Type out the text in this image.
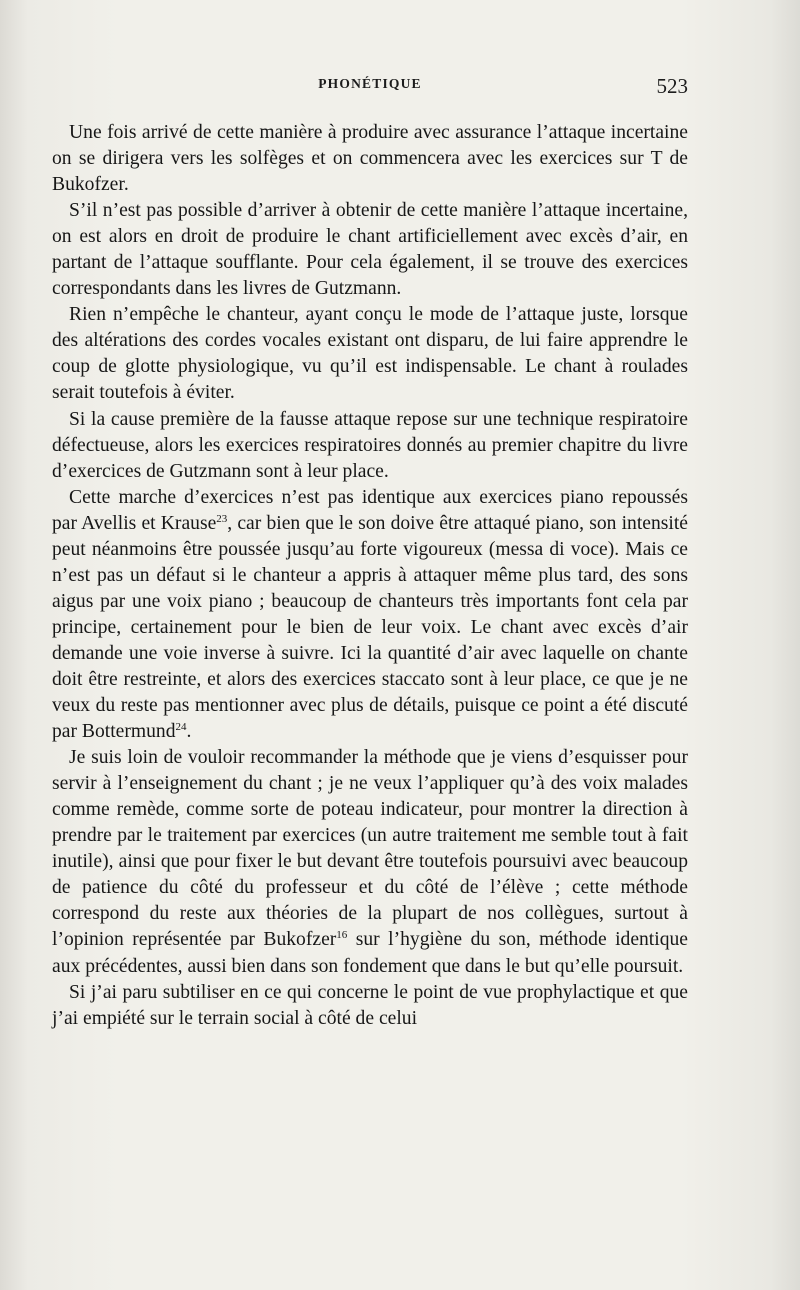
PHONÉTIQUE	523

Une fois arrivé de cette manière à produire avec assurance l’attaque incertaine on se dirigera vers les solfèges et on commencera avec les exercices sur T de Bukofzer.

S’il n’est pas possible d’arriver à obtenir de cette manière l’attaque incertaine, on est alors en droit de produire le chant artificiellement avec excès d’air, en partant de l’attaque soufflante. Pour cela également, il se trouve des exercices correspondants dans les livres de Gutzmann.

Rien n’empêche le chanteur, ayant conçu le mode de l’attaque juste, lorsque des altérations des cordes vocales existant ont disparu, de lui faire apprendre le coup de glotte physiologique, vu qu’il est indispensable. Le chant à roulades serait toutefois à éviter.

Si la cause première de la fausse attaque repose sur une technique respiratoire défectueuse, alors les exercices respiratoires donnés au premier chapitre du livre d’exercices de Gutzmann sont à leur place.

Cette marche d’exercices n’est pas identique aux exercices piano repoussés par Avellis et Krause$^{23}$, car bien que le son doive être attaqué piano, son intensité peut néanmoins être poussée jusqu’au forte vigoureux (messa di voce). Mais ce n’est pas un défaut si le chanteur a appris à attaquer même plus tard, des sons aigus par une voix piano ; beaucoup de chanteurs très importants font cela par principe, certainement pour le bien de leur voix. Le chant avec excès d’air demande une voie inverse à suivre. Ici la quantité d’air avec laquelle on chante doit être restreinte, et alors des exercices staccato sont à leur place, ce que je ne veux du reste pas mentionner avec plus de détails, puisque ce point a été discuté par Bottermund$^{24}$.

Je suis loin de vouloir recommander la méthode que je viens d’esquisser pour servir à l’enseignement du chant ; je ne veux l’appliquer qu’à des voix malades comme remède, comme sorte de poteau indicateur, pour montrer la direction à prendre par le traitement par exercices (un autre traitement me semble tout à fait inutile), ainsi que pour fixer le but devant être toutefois poursuivi avec beaucoup de patience du côté du professeur et du côté de l’élève ; cette méthode correspond du reste aux théories de la plupart de nos collègues, surtout à l’opinion représentée par Bukofzer$^{16}$ sur l’hygiène du son, méthode identique aux précédentes, aussi bien dans son fondement que dans le but qu’elle poursuit.

Si j’ai paru subtiliser en ce qui concerne le point de vue prophylactique et que j’ai empiété sur le terrain social à côté de celui
